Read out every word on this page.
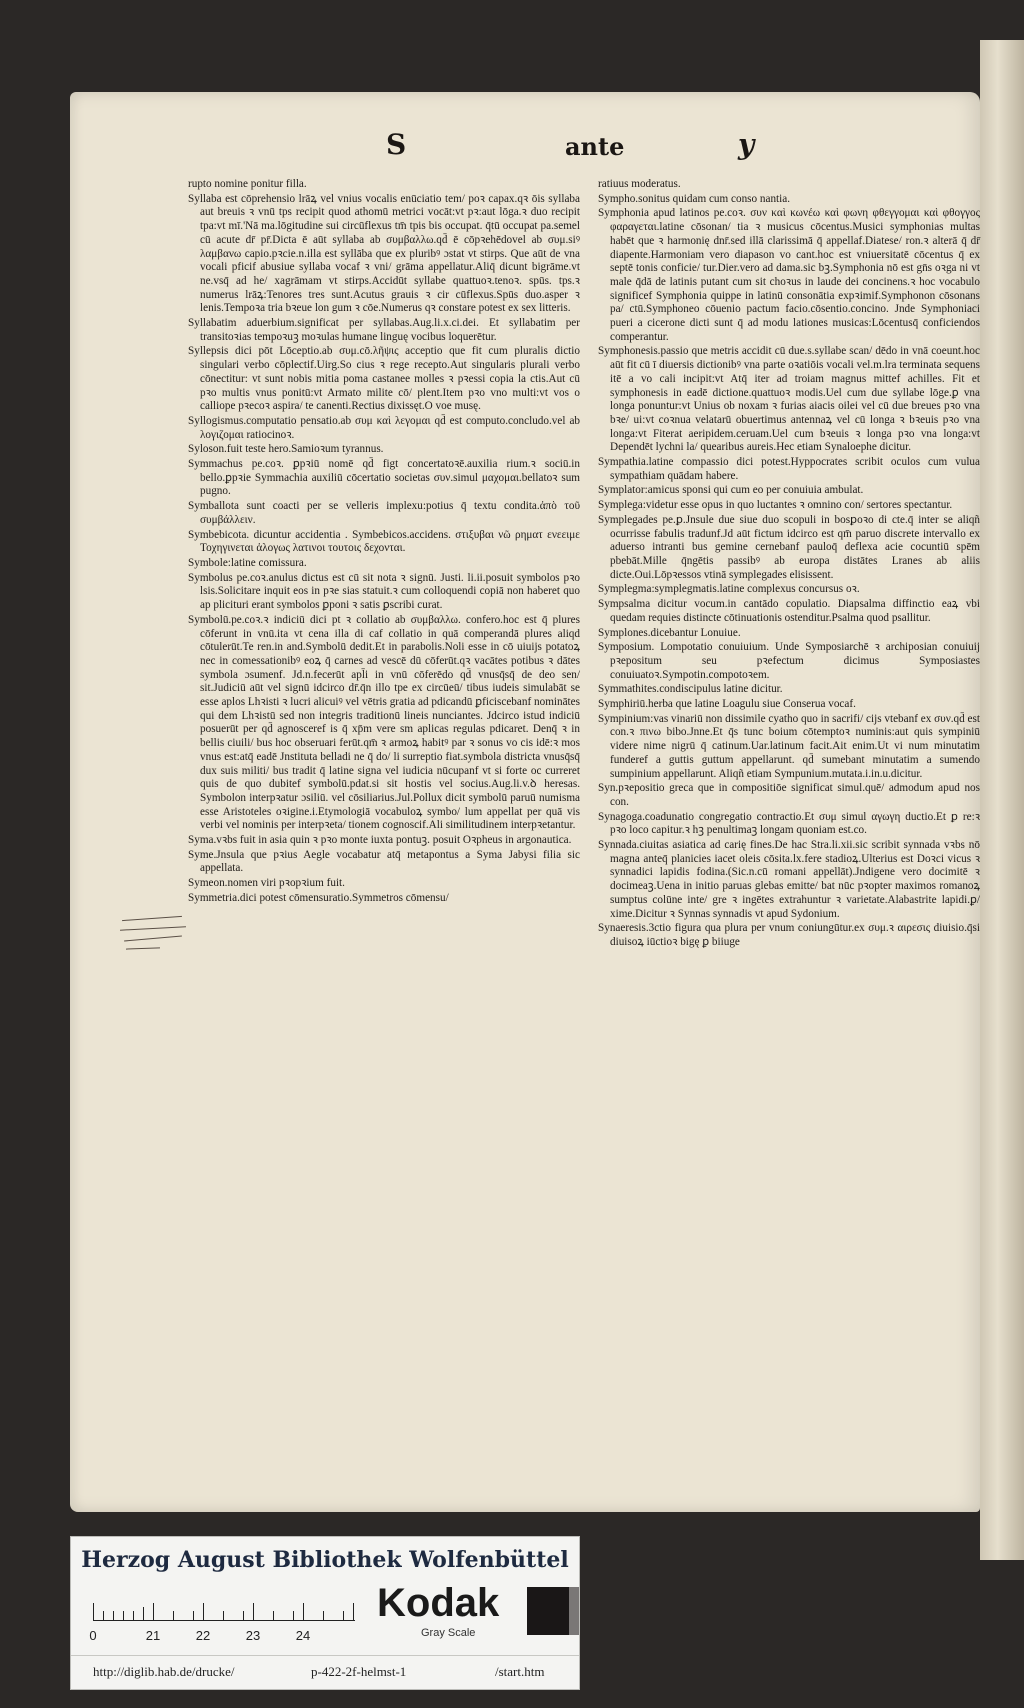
S	ante	y
rupto nomine ponitur filla.
Syllaba est cōprehensio lrāꝝ vel vnius vocalis enūciatio tem/ poꝛ capax.qꝛ ōis syllaba aut breuis ꝛ vnū tps recipit quod athomū metrici vocāt:vt pꝛ:aut lōga.ꝛ duo recipit tpa:vt mī.'Nā ma.lōgitudine sui circūflexus tm̄ tpis bis occupat. q̄tū occupat pa.semel cū acute dr̄ pr̄.Dicta ē aūt syllaba ab συμβαλλω.qd̄ ē cōpꝛehēdovel ab συμ.siꝰ λαμβανω capio.pꝛcie.n.illa est syllāba que ex pluribꝰ ɔstat vt stirps. Que aūt de vna vocali pficif abusiue syllaba vocaf ꝛ vni/ grāma appellatur.Aliq̄ dicunt bigrāme.vt ne.vsq̄ ad he/ xagrāmam vt stirps.Accidūt syllabe quattuoꝛ.tenoꝛ. spūs. tps.ꝛ numerus lrāꝝ:Tenores tres sunt.Acutus grauis ꝛ cir cūflexus.Spūs duo.asper ꝛ lenis.Tempoꝛa tria bꝛeue lon gum ꝛ cōe.Numerus qꝛ constare potest ex sex litteris.
Syllabatim aduerbium.significat per syllabas.Aug.li.x.ci.dei. Et syllabatim per transitoꝛias tempoꝛuꝫ moꝛulas humane linguę vocibus loquerētur.
Syllepsis dici pōt Lōceptio.ab συμ.cō.λῆψις acceptio que fit cum pluralis dictio singulari verbo cōplectif.Uirg.So cius ꝛ rege recepto.Aut singularis plurali verbo cōnectitur: vt sunt nobis mitia poma castanee molles ꝛ pꝛessi copia la ctis.Aut cū pꝛo multis vnus ponitū:vt Armato milite cō/ plent.Item pꝛo vno multi:vt vos o calliope pꝛecoꝛ aspira/ te canenti.Rectius dixissęt.O voe musę.
Syllogismus.computatio pensatio.ab συμ καὶ λεγομαι qd̄ est computo.concludo.vel ab λογιζομαι ratiocinoꝛ.
Syloson.fuit teste hero.Samioꝛum tyrannus.
Symmachus pe.coꝛ. ꝑpꝛiū nomē qd̄ figt concertatoꝛē.auxilia rium.ꝛ sociū.in bello.ꝑpꝛie Symmachia auxiliū cōcertatio societas συν.simul μαχομαι.bellatoꝛ sum pugno.
Symballota sunt coacti per se velleris implexu:potius q̄ textu condita.ἀπὸ τοῦ συμβάλλειν.
Symbebicota. dicuntur accidentia . Symbebicos.accidens. στιξυβαι νῶ ρηματ ενεειμε Τοχηγινεται ἀλογως λατινοι τουτοις δεχονται.
Symbole:latine comissura.
Symbolus pe.coꝛ.anulus dictus est cū sit nota ꝛ signū. Justi. li.ii.posuit symbolos pꝛo lsis.Solicitare inquit eos in pꝛe sias statuit.ꝛ cum colloquendi copiā non haberet quo ap plicituri erant symbolos ꝑponi ꝛ satis ꝑscribi curat.
Symbolū.pe.coꝛ.ꝛ indiciū dici pt ꝛ collatio ab συμβαλλω. confero.hoc est q̄ plures cōferunt in vnū.ita vt cena illa di caf collatio in quā comperandā plures aliqd cōtulerūt.Te ren.in and.Symbolū dedit.Et in parabolis.Noli esse in cō uiuijs potatoꝝ nec in comessationibꝰ eoꝝ q̄ carnes ad vescē dū cōferūt.qꝛ vacātes potibus ꝛ dātes symbola ɔsumenf. Jd.n.fecerūt apl̄i in vnū cōferēdo qd̄ vnusq̄sq̄ de deo sen/ sit.Judiciū aūt vel signū idcirco dr̄.q̄n illo tpe ex circūeū/ tibus iudeis simulabāt se esse aplos Lhꝛisti ꝛ lucri alicuiꝰ vel vētris gratia ad pdicandū ꝑficiscebanf nominātes qui dem Lhꝛistū sed non integris traditionū lineis nunciantes. Jdcirco istud indiciū posuerūt per qd̄ agnosceref is q̄ xp̄m vere sm aplicas regulas pdicaret. Denq̄ ꝛ in bellis ciuili/ bus hoc obseruari ferūt.qm̄ ꝛ armoꝝ habitꝰ par ꝛ sonus vo cis idē:ꝛ mos vnus est:atq̄ eadē Jnstituta belladi ne q̄ do/ li surreptio fiat.symbola districta vnusq̄sq̄ dux suis militi/ bus tradit q̄ latine signa vel iudicia nūcupanf vt si forte oc curreret quis de quo dubitef symbolū.pdat.si sit hostis vel socius.Aug.li.v.ꝺ heresas. Symbolon interpꝛatur ɔsiliū. vel cōsiliarius.Jul.Pollux dicit symbolū paruū numisma esse Aristoteles oꝛigine.i.Etymologiā vocabuloꝝ symbo/ lum appellat per quā vis verbi vel nominis per interpꝛeta/ tionem cognoscif.Ali similitudinem interpꝛetantur.
Syma.vꝛbs fuit in asia quin ꝛ pꝛo monte iuxta pontuꝫ. posuit Oꝛpheus in argonautica.
Syme.Jnsula que pꝛius Aegle vocabatur atq̄ metapontus a Syma Jabysi filia sic appellata.
Symeon.nomen viri pꝛopꝛium fuit.
Symmetria.dici potest cōmensuratio.Symmetros cōmensu/
ratiuus moderatus.
Sympho.sonitus quidam cum conso nantia.
Symphonia apud latinos pe.coꝛ. συν καὶ κωνέω καὶ φωνη φθεγγομαι καὶ φθογγος φαραγεται.latine cōsonan/ tia ꝛ musicus cōcentus.Musici symphonias multas habēt que ꝛ harmonię dnr̄.sed illā clarissimā q̄ appellaf.Diatese/ ron.ꝛ alterā q̄ dr̄ diapente.Harmoniam vero diapason vo cant.hoc est vniuersitatē cōcentus q̄ ex septē tonis conficie/ tur.Dier.vero ad dama.sic bꝫ.Symphonia nō est gn̄s oꝛga ni vt male q̄dā de latinis putant cum sit choꝛus in laude dei concinens.ꝛ hoc vocabulo significef Symphonia quippe in latinū consonātia expꝛimif.Symphonon cōsonans pa/ ctū.Symphoneo cōuenio pactum facio.cōsentio.concino. Jnde Symphoniaci pueri a cicerone dicti sunt q̄ ad modu lationes musicas:Lōcentusq̄ conficiendos comperantur.
Symphonesis.passio que metris accidit cū due.s.syllabe scan/ dēdo in vnā coeunt.hoc aūt fit cū ī diuersis dictionibꝰ vna parte oꝛatiōis vocali vel.m.lra terminata sequens itē a vo cali incipit:vt Atq̄ iter ad troiam magnus mittef achilles. Fit et symphonesis in eadē dictione.quattuoꝛ modis.Uel cum due syllabe lōge.ꝑ vna longa ponuntur:vt Unius ob noxam ꝛ furias aiacis oilei vel cū due breues pꝛo vna bꝛe/ ui:vt coꝛnua velatarū obuertimus antennaꝝ vel cū longa ꝛ bꝛeuis pꝛo vna longa:vt Fiterat aeripidem.ceruam.Uel cum bꝛeuis ꝛ longa pꝛo vna longa:vt Dependēt lychni la/ quearibus aureis.Hec etiam Synaloephe dicitur.
Sympathia.latine compassio dici potest.Hyppocrates scribit oculos cum vulua sympathiam quādam habere.
Symplator:amicus sponsi qui cum eo per conuiuia ambulat.
Symplega:videtur esse opus in quo luctantes ꝛ omnino con/ sertores spectantur.
Symplegades pe.ꝑ.Jnsule due siue duo scopuli in bosꝑoꝛo di cte.q̄ inter se aliqñ ocurrisse fabulis tradunf.Jd aūt fictum idcirco est qm̄ paruo discrete intervallo ex aduerso intranti bus gemine cernebanf pauloq̄ deflexa acie cocuntiū spēm pbebāt.Mille q̄ngētis passibꝰ ab europa distātes Lranes ab aliis dicte.Oui.Lōpꝛessos vtinā symplegades elisissent.
Symplegma:symplegmatis.latine complexus concursus oꝛ.
Sympsalma dicitur vocum.in cantādo copulatio. Diapsalma diffinctio eaꝝ vbi quedam requies distincte cōtinuationis ostenditur.Psalma quod psallitur.
Symplones.dicebantur Lonuiue.
Symposium. Lompotatio conuiuium. Unde Symposiarchē ꝛ archiposian conuiuij pꝛepositum seu pꝛefectum dicimus Symposiastes conuiuatoꝛ.Sympotin.compotoꝛem.
Symmathites.condiscipulus latine dicitur.
Symphiriū.herba que latine Loagulu siue Conserua vocaf.
Sympinium:vas vinariū non dissimile cyatho quo in sacrifi/ cijs vtebanf ex συν.qd̄ est con.ꝛ πινω bibo.Jnne.Et q̄s tunc boium cōtemptoꝛ numinis:aut quis sympiniū videre nime nigrū q̄ catinum.Uar.latinum facit.Ait enim.Ut vi num minutatim funderef a guttis guttum appellarunt. qd̄ sumebant minutatim a sumendo sumpinium appellarunt. Aliqñ etiam Sympunium.mutata.i.in.u.dicitur.
Syn.pꝛepositio greca que in compositiōe significat simul.quē/ admodum apud nos con.
Synagoga.coadunatio congregatio contractio.Et συμ simul αγωγη ductio.Et ꝑ re:ꝛ pꝛo loco capitur.ꝛ hꝫ penultimaꝫ longam quoniam est.co.
Synnada.ciuitas asiatica ad carię fines.De hac Stra.li.xii.sic scribit synnada vꝛbs nō magna anteq̄ planicies iacet oleis cōsita.lx.fere stadioꝝ.Ulterius est Doꝛci vicus ꝛ synnadici lapidis fodina.(Sic.n.cū romani appellāt).Jndigene vero docimitē ꝛ docimeaꝫ.Uena in initio paruas glebas emitte/ bat nūc pꝛopter maximos romanoꝝ sumptus colūne inte/ gre ꝛ ingētes extrahuntur ꝛ varietate.Alabastrite lapidi.ꝑ/ xime.Dicitur ꝛ Synnas synnadis vt apud Sydonium.
Synaeresis.3ctio figura qua plura per vnum coniungūtur.ex συμ.ꝛ αιρεσις diuisio.q̄si diuisoꝝ iūctioꝛ bigę ꝑ biiuge
Herzog August Bibliothek Wolfenbüttel
0	21	22	23	24
Kodak
Gray Scale
http://diglib.hab.de/drucke/	p-422-2f-helmst-1	/start.htm
